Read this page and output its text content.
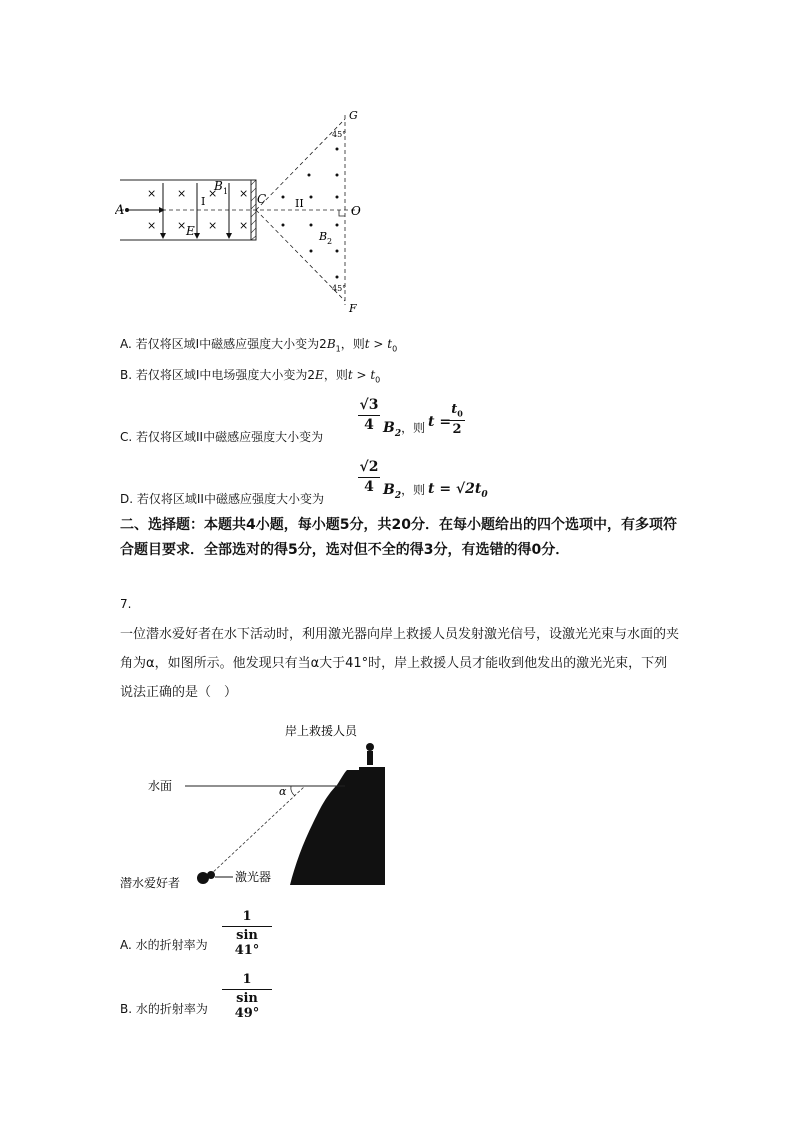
× × × ×
× × × ×
A
E
B 1
I	C	II
O
B 2
G
F
45°
45°
A. 若仅将区域I中磁感应强度大小变为$2B_1$，则$t > t_0$
B. 若仅将区域I中电场强度大小变为2E，则$t > t_0$
C. 若仅将区域II中磁感应强度大小变为
√3
4 $B_2$，则 t =
$t_0$
2
D. 若仅将区域II中磁感应强度大小变为
√2
4 $B_2$，则 $t = √2t_0$
二、选择题：本题共4小题，每小题5分，共20分．在每小题给出的四个选项中，有多项符合题目要求．全部选对的得5分，选对但不全的得3分，有选错的得0分．
7.
一位潜水爱好者在水下活动时，利用激光器向岸上救援人员发射激光信号，设激光光束与水面的夹角为α，如图所示。他发现只有当α大于41°时，岸上救援人员才能收到他发出的激光光束，下列说法正确的是（　）
岸上救援人员
水面	α
激光器
潜水爱好者
A. 水的折射率为
1
sin 41°
B. 水的折射率为
1
sin 49°
